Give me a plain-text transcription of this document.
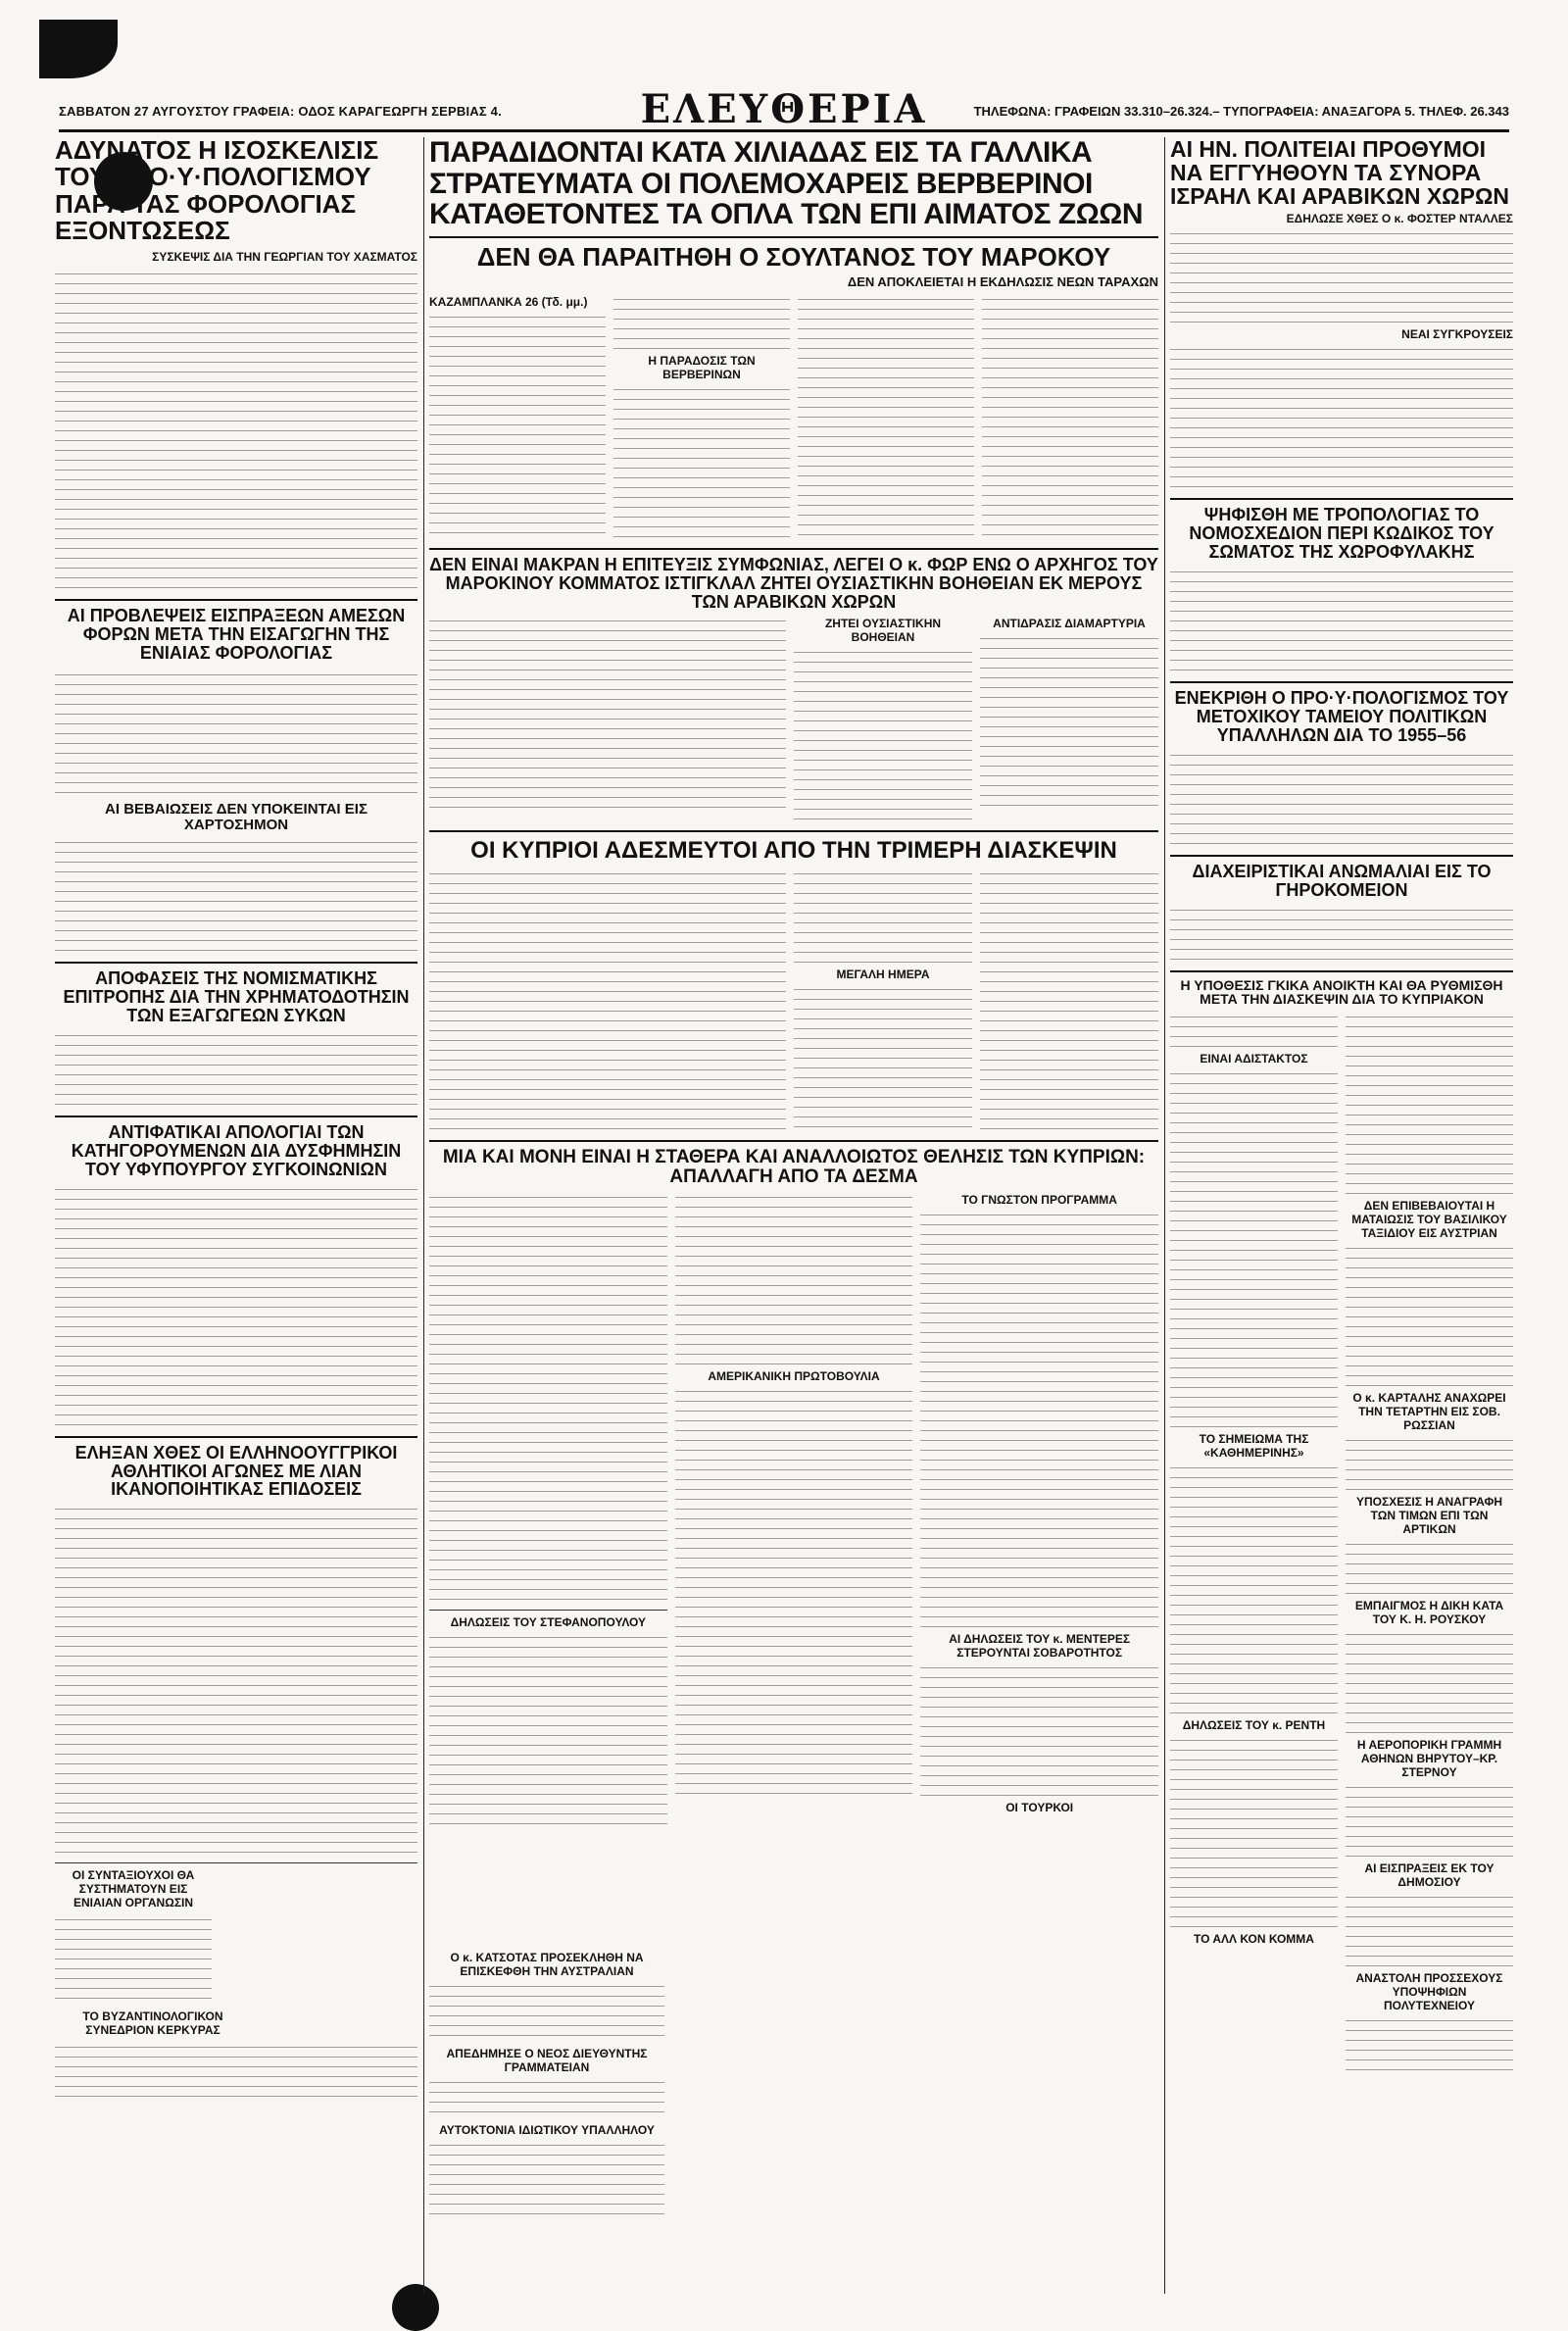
ΣΑΒΒΑΤΟΝ 27 ΑΥΓΟΥΣΤΟΥ ΓΡΑΦΕΙΑ: ΟΔΟΣ ΚΑΡΑΓΕΩΡΓΗ ΣΕΡΒΙΑΣ 4.	ΕΛΕΥΘΕΡΙΑ	ΤΗΛΕΦΩΝΑ: ΓΡΑΦΕΙΩΝ 33.310–26.324.– ΤΥΠΟΓΡΑΦΕΙΑ: ΑΝΑΞΑΓΟΡΑ 5. ΤΗΛΕΦ. 26.343
ΑΔΥΝΑΤΟΣ Η ΙΣΟΣΚΕΛΙΣΙΣ ΤΟΥ ΠΡΟ·Υ·ΠΟΛΟΓΙΣΜΟΥ ΠΑΡΑ ΤΑΣ ΦΟΡΟΛΟΓΙΑΣ ΕΞΟΝΤΩΣΕΩΣ
ΣΥΣΚΕΨΙΣ ΔΙΑ ΤΗΝ ΓΕΩΡΓΙΑΝ ΤΟΥ ΧΑΣΜΑΤΟΣ
ΑΙ ΠΡΟΒΛΕΨΕΙΣ ΕΙΣΠΡΑΞΕΩΝ ΑΜΕΣΩΝ ΦΟΡΩΝ ΜΕΤΑ ΤΗΝ ΕΙΣΑΓΩΓΗΝ ΤΗΣ ΕΝΙΑΙΑΣ ΦΟΡΟΛΟΓΙΑΣ
ΑΙ ΒΕΒΑΙΩΣΕΙΣ ΔΕΝ ΥΠΟΚΕΙΝΤΑΙ ΕΙΣ ΧΑΡΤΟΣΗΜΟΝ
ΑΠΟΦΑΣΕΙΣ ΤΗΣ ΝΟΜΙΣΜΑΤΙΚΗΣ ΕΠΙΤΡΟΠΗΣ ΔΙΑ ΤΗΝ ΧΡΗΜΑΤΟΔΟΤΗΣΙΝ ΤΩΝ ΕΞΑΓΩΓΕΩΝ ΣΥΚΩΝ
ΑΝΤΙΦΑΤΙΚΑΙ ΑΠΟΛΟΓΙΑΙ ΤΩΝ ΚΑΤΗΓΟΡΟΥΜΕΝΩΝ ΔΙΑ ΔΥΣΦΗΜΗΣΙΝ ΤΟΥ ΥΦΥΠΟΥΡΓΟΥ ΣΥΓΚΟΙΝΩΝΙΩΝ
ΕΛΗΞΑΝ ΧΘΕΣ ΟΙ ΕΛΛΗΝΟΟΥΓΓΡΙΚΟΙ ΑΘΛΗΤΙΚΟΙ ΑΓΩΝΕΣ ΜΕ ΛΙΑΝ ΙΚΑΝΟΠΟΙΗΤΙΚΑΣ ΕΠΙΔΟΣΕΙΣ
ΟΙ ΣΥΝΤΑΞΙΟΥΧΟΙ ΘΑ ΣΥΣΤΗΜΑΤΟΥΝ ΕΙΣ ΕΝΙΑΙΑΝ ΟΡΓΑΝΩΣΙΝ
ΤΟ ΒΥΖΑΝΤΙΝΟΛΟΓΙΚΟΝ ΣΥΝΕΔΡΙΟΝ ΚΕΡΚΥΡΑΣ
ΠΑΡΑΔΙΔΟΝΤΑΙ ΚΑΤΑ ΧΙΛΙΑΔΑΣ ΕΙΣ ΤΑ ΓΑΛΛΙΚΑ ΣΤΡΑΤΕΥΜΑΤΑ ΟΙ ΠΟΛΕΜΟΧΑΡΕΙΣ ΒΕΡΒΕΡΙΝΟΙ ΚΑΤΑΘΕΤΟΝΤΕΣ ΤΑ ΟΠΛΑ ΤΩΝ ΕΠΙ ΑΙΜΑΤΟΣ ΖΩΩΝ
ΔΕΝ ΘΑ ΠΑΡΑΙΤΗΘΗ Ο ΣΟΥΛΤΑΝΟΣ ΤΟΥ ΜΑΡΟΚΟΥ
ΔΕΝ ΑΠΟΚΛΕΙΕΤΑΙ Η ΕΚΔΗΛΩΣΙΣ ΝΕΩΝ ΤΑΡΑΧΩΝ
ΚΑΖΑΜΠΛΑΝΚΑ 26 (Τδ. μμ.)
Η ΠΑΡΑΔΟΣΙΣ ΤΩΝ ΒΕΡΒΕΡΙΝΩΝ
ΔΕΝ ΕΙΝΑΙ ΜΑΚΡΑΝ Η ΕΠΙΤΕΥΞΙΣ ΣΥΜΦΩΝΙΑΣ, ΛΕΓΕΙ Ο κ. ΦΩΡ ΕΝΩ Ο ΑΡΧΗΓΟΣ ΤΟΥ ΜΑΡΟΚΙΝΟΥ ΚΟΜΜΑΤΟΣ ΙΣΤΙΓΚΛΑΛ ΖΗΤΕΙ ΟΥΣΙΑΣΤΙΚΗΝ ΒΟΗΘΕΙΑΝ ΕΚ ΜΕΡΟΥΣ ΤΩΝ ΑΡΑΒΙΚΩΝ ΧΩΡΩΝ
ΖΗΤΕΙ ΟΥΣΙΑΣΤΙΚΗΝ ΒΟΗΘΕΙΑΝ
ΑΝΤΙΔΡΑΣΙΣ ΔΙΑΜΑΡΤΥΡΙΑ
ΟΙ ΚΥΠΡΙΟΙ ΑΔΕΣΜΕΥΤΟΙ ΑΠΟ ΤΗΝ ΤΡΙΜΕΡΗ ΔΙΑΣΚΕΨΙΝ
ΜΕΓΑΛΗ ΗΜΕΡΑ
ΜΙΑ ΚΑΙ ΜΟΝΗ ΕΙΝΑΙ Η ΣΤΑΘΕΡΑ ΚΑΙ ΑΝΑΛΛΟΙΩΤΟΣ ΘΕΛΗΣΙΣ ΤΩΝ ΚΥΠΡΙΩΝ: ΑΠΑΛΛΑΓΗ ΑΠΟ ΤΑ ΔΕΣΜΑ
ΔΗΛΩΣΕΙΣ ΤΟΥ ΣΤΕΦΑΝΟΠΟΥΛΟΥ
ΑΜΕΡΙΚΑΝΙΚΗ ΠΡΩΤΟΒΟΥΛΙΑ
ΤΟ ΓΝΩΣΤΟΝ ΠΡΟΓΡΑΜΜΑ
ΑΙ ΔΗΛΩΣΕΙΣ ΤΟΥ κ. ΜΕΝΤΕΡΕΣ ΣΤΕΡΟΥΝΤΑΙ ΣΟΒΑΡΟΤΗΤΟΣ
ΟΙ ΤΟΥΡΚΟΙ
Ο κ. ΚΑΤΣΟΤΑΣ ΠΡΟΣΕΚΛΗΘΗ ΝΑ ΕΠΙΣΚΕΦΘΗ ΤΗΝ ΑΥΣΤΡΑΛΙΑΝ
ΑΠΕΔΗΜΗΣΕ Ο ΝΕΟΣ ΔΙΕΥΘΥΝΤΗΣ ΓΡΑΜΜΑΤΕΙΑΝ
ΑΥΤΟΚΤΟΝΙΑ ΙΔΙΩΤΙΚΟΥ ΥΠΑΛΛΗΛΟΥ
ΑΙ ΗΝ. ΠΟΛΙΤΕΙΑΙ ΠΡΟΘΥΜΟΙ ΝΑ ΕΓΓΥΗΘΟΥΝ ΤΑ ΣΥΝΟΡΑ ΙΣΡΑΗΛ ΚΑΙ ΑΡΑΒΙΚΩΝ ΧΩΡΩΝ
ΕΔΗΛΩΣΕ ΧΘΕΣ Ο κ. ΦΟΣΤΕΡ ΝΤΑΛΛΕΣ
ΝΕΑΙ ΣΥΓΚΡΟΥΣΕΙΣ
ΨΗΦΙΣΘΗ ΜΕ ΤΡΟΠΟΛΟΓΙΑΣ ΤΟ ΝΟΜΟΣΧΕΔΙΟΝ ΠΕΡΙ ΚΩΔΙΚΟΣ ΤΟΥ ΣΩΜΑΤΟΣ ΤΗΣ ΧΩΡΟΦΥΛΑΚΗΣ
ΕΝΕΚΡΙΘΗ Ο ΠΡΟ·Υ·ΠΟΛΟΓΙΣΜΟΣ ΤΟΥ ΜΕΤΟΧΙΚΟΥ ΤΑΜΕΙΟΥ ΠΟΛΙΤΙΚΩΝ ΥΠΑΛΛΗΛΩΝ ΔΙΑ ΤΟ 1955–56
ΔΙΑΧΕΙΡΙΣΤΙΚΑΙ ΑΝΩΜΑΛΙΑΙ ΕΙΣ ΤΟ ΓΗΡΟΚΟΜΕΙΟΝ
Η ΥΠΟΘΕΣΙΣ ΓΚΙΚΑ ΑΝΟΙΚΤΗ ΚΑΙ ΘΑ ΡΥΘΜΙΣΘΗ ΜΕΤΑ ΤΗΝ ΔΙΑΣΚΕΨΙΝ ΔΙΑ ΤΟ ΚΥΠΡΙΑΚΟΝ
ΕΙΝΑΙ ΑΔΙΣΤΑΚΤΟΣ
ΤΟ ΣΗΜΕΙΩΜΑ ΤΗΣ «ΚΑΘΗΜΕΡΙΝΗΣ»
ΔΗΛΩΣΕΙΣ ΤΟΥ κ. ΡΕΝΤΗ
ΤΟ ΑΛΛ ΚΟΝ ΚΟΜΜΑ
ΔΕΝ ΕΠΙΒΕΒΑΙΟΥΤΑΙ Η ΜΑΤΑΙΩΣΙΣ ΤΟΥ ΒΑΣΙΛΙΚΟΥ ΤΑΞΙΔΙΟΥ ΕΙΣ ΑΥΣΤΡΙΑΝ
Ο κ. ΚΑΡΤΑΛΗΣ ΑΝΑΧΩΡΕΙ ΤΗΝ ΤΕΤΑΡΤΗΝ ΕΙΣ ΣΟΒ. ΡΩΣΣΙΑΝ
ΥΠΟΣΧΕΣΙΣ Η ΑΝΑΓΡΑΦΗ ΤΩΝ ΤΙΜΩΝ ΕΠΙ ΤΩΝ ΑΡΤΙΚΩΝ
ΕΜΠΑΙΓΜΟΣ Η ΔΙΚΗ ΚΑΤΑ ΤΟΥ Κ. Η. ΡΟΥΣΚΟΥ
Η ΑΕΡΟΠΟΡΙΚΗ ΓΡΑΜΜΗ ΑΘΗΝΩΝ ΒΗΡΥΤΟΥ–ΚΡ. ΣΤΕΡΝΟΥ
ΑΙ ΕΙΣΠΡΑΞΕΙΣ ΕΚ ΤΟΥ ΔΗΜΟΣΙΟΥ
ΑΝΑΣΤΟΛΗ ΠΡΟΣΣΕΧΟΥΣ ΥΠΟΨΗΦΙΩΝ ΠΟΛΥΤΕΧΝΕΙΟΥ
